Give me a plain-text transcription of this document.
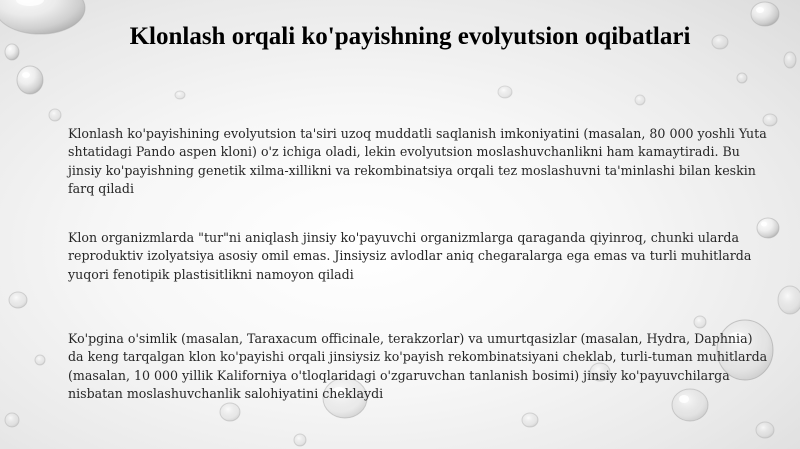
Klonlash orqali ko'payishning evolyutsion oqibatlari

Klonlash ko'payishining evolyutsion ta'siri uzoq muddatli saqlanish imkoniyatini (masalan, 80 000 yoshli Yuta shtatidagi Pando aspen kloni) o'z ichiga oladi, lekin evolyutsion moslashuvchanlikni ham kamaytiradi. Bu jinsiy ko'payishning genetik xilma-xillikni va rekombinatsiya orqali tez moslashuvni ta'minlashi bilan keskin farq qiladi

Klon organizmlarda "tur"ni aniqlash jinsiy ko'payuvchi organizmlarga qaraganda qiyinroq, chunki ularda reproduktiv izolyatsiya asosiy omil emas. Jinsiysiz avlodlar aniq chegaralarga ega emas va turli muhitlarda yuqori fenotipik plastisitlikni namoyon qiladi

Ko'pgina o'simlik (masalan, Taraxacum officinale, terakzorlar) va umurtqasizlar (masalan, Hydra, Daphnia) da keng tarqalgan klon ko'payishi orqali jinsiysiz ko'payish rekombinatsiyani cheklab, turli-tuman muhitlarda (masalan, 10 000 yillik Kaliforniya o'tloqlaridagi o'zgaruvchan tanlanish bosimi) jinsiy ko'payuvchilarga nisbatan moslashuvchanlik salohiyatini cheklaydi
